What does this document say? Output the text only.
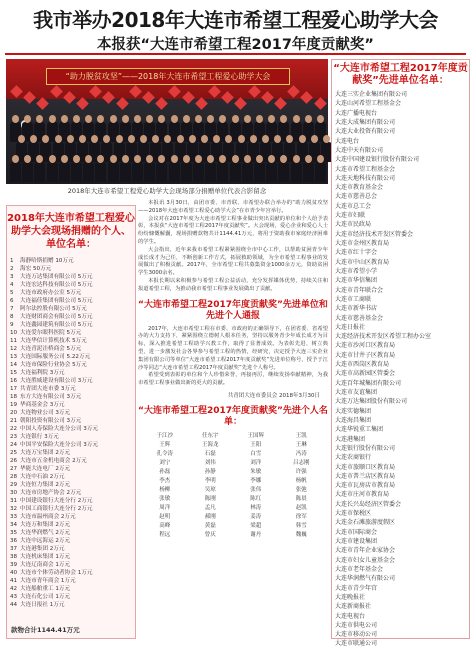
我市举办2018年大连市希望工程爱心助学大会
本报获“大连市希望工程2017年度贡献奖”
“助力脱贫攻坚”——2018年大连市希望工程爱心助学大会
2018年大连市希望工程爱心助学大会现场部分捐赠单位代表合影留念
“大连市希望工程2017年度贡献奖”先进单位名单：
大连三实企业集团有限公司
大连山河希望工程基金会
大连广播电视台
大连大成集团有限公司
大连大业投资有限公司
大连电台
大连中天有限公司
大连中国建设银行股份有限公司
大连市希望工程基金会
大连天地科技有限公司
大连市教育基金会
大连市慈善总会
大连市总工会
大连市妇联
大连市民政局
大连市经济技术开发区管委会
大连市金州区教育局
大连市红十字会
大连市中山区教育局
大连市希望小学
大连市华信集团
大连市青年联合会
大连市工商联
大连市新华书店
大连市慈善基金会
大连日报社
大连经济技术开发区希望工程办公室
大连市沙河口区教育局
大连市甘井子区教育局
大连市西岗区教育局
大连市高新园区管委会
大连百年城集团有限公司
大连市友谊集团
大连万达集团股份有限公司
大连实德集团
大连海昌集团
大连华锐重工集团
大连港集团
大连银行股份有限公司
大连农商银行
大连市旅顺口区教育局
大连市普兰店区教育局
大连市瓦房店市教育局
大连市庄河市教育局
大连长兴岛经济区管委会
大连市保税区
大连金石滩旅游度假区
大连市国际商会
大连市建设集团
大连市青年企业家协会
大连市妇女儿童基金会
大连市老年基金会
大连华润燃气有限公司
大连市青少年宫
大连晚报社
大连新商报社
大连电视台
大连市供电公司
大连市移动公司
大连市联通公司
2018年大连市希望工程爱心助学大会现场捐赠的个人、单位名单：
1 海静哈斯捐赠 10万元
2 海宏 50万元
3 大连万达集团有限公司 5万元
4 大连宏达科技有限公司 5万元
5 大连市政府办公室 5万元
6 大连福佳集团有限公司 5万元
7 阿尔法控股有限公司 5万元
8 大连财团商会有限公司 5万元
9 大连鑫园建筑有限公司 5万元
10 大连爱尔眼科医院 5万元
11 大连华信计算机技术 5万元
12 大连青泥洼桥商会 5万元
13 大连国际服务公司 5.22万元
14 大连市保险行业协会 5万元
15 大连福利院 3万元
16 大连胜威建设有限公司 3万元
17 共青团大连市委 3万元
18 东方大连有限公司 3万元
19 华商基金会 3万元
20 大连物业公司 3万元
21 朝阳投资有限公司 3万元
22 中国人寿保险大连分公司 3万元
23 大连银行 3万元
24 中国平安保险大连分公司 3万元
25 大连万宝集团 2万元
26 大连市五金机电商会 2万元
27 华能大连电厂 2万元
28 大连中石油 2万元
29 大连恒力集团 2万元
30 大连市房地产协会 2万元
31 中国建设银行大连分行 2万元
32 中国工商银行大连分行 2万元
33 大连市温州商会 2万元
34 大连万和集团 2万元
35 大连华润燃气 2万元
36 大连中远海运 2万元
37 大连港集团 2万元
38 大连机床集团 1万元
39 大连辽南商会 1万元
40 大连市个体劳动者协会 1万元
41 大连市青年商会 1万元
42 大连船舶重工 1万元
43 大连石化公司 1万元
44 大连日报社 1万元
款物合计1144.41万元

本报讯 3月30日，由团市委、市青联、市希望办联合举办的“助力脱贫攻坚——2018年大连市希望工程爱心助学大会”在市青少年宫举行。

会议对在2017年度为大连市希望工程事业做出突出贡献的单位和个人给予表彰，本报获“大连市希望工程2017年度贡献奖”。大会现场，爱心企业和爱心人士纷纷慷慨解囊，现场捐赠款物共计1144.41万元，将用于资助我市家庭经济困难的学生。

大会指出，近年来我市希望工程紧紧围绕全市中心工作，以帮助贫困青少年成长成才为己任，不断创新工作方式，拓展救助领域，为全市希望工程事业的发展做出了积极贡献。2017年，全市希望工程共募集资金1000余万元，资助贫困学生3000余名。

本报长期以来积极参与希望工程公益活动，充分发挥媒体优势，持续关注和报道希望工程，为推动我市希望工程事业发展做出了贡献。

“大连市希望工程2017年度贡献奖”先进单位和先进个人通报

2017年，大连市希望工程在市委、市政府的正确领导下，在团省委、省希望办的大力支持下，紧紧围绕立德树人根本任务，坚持以服务青少年成长成才为目标，深入推进希望工程助学兴教工作，取得了显著成效。为表彰先进、树立典型，进一步激发社会各界参与希望工程的热情，经研究，决定授予大连三实企业集团有限公司等单位“大连市希望工程2017年度贡献奖”先进单位称号，授予于江沙等同志“大连市希望工程2017年度贡献奖”先进个人称号。

希望受到表彰的单位和个人珍惜荣誉，再接再厉，继续发扬奉献精神，为我市希望工程事业做出新的更大的贡献。

共青团大连市委员会 2018年3月30日
“大连市希望工程2017年度贡献奖”先进个人名单：
于江沙	任东宇	王国辉	王凯
王辉	王海龙	王阳	王琳
孔令涛	石磊	白雪	冯涛
刘宁	刘伟	刘洋	吕志刚
孙磊	孙静	朱敏	许强
李杰	李明	李娜	杨帆
杨柳	吴琼	张伟	张弛
张敏	陈刚	陈红	陈晨
周洋	孟凡	林涛	赵凯
赵明	郝刚	姜涛	徐军
高峰	黄磊	梁超	韩雪
程远	曾庆	谢丹	魏巍
